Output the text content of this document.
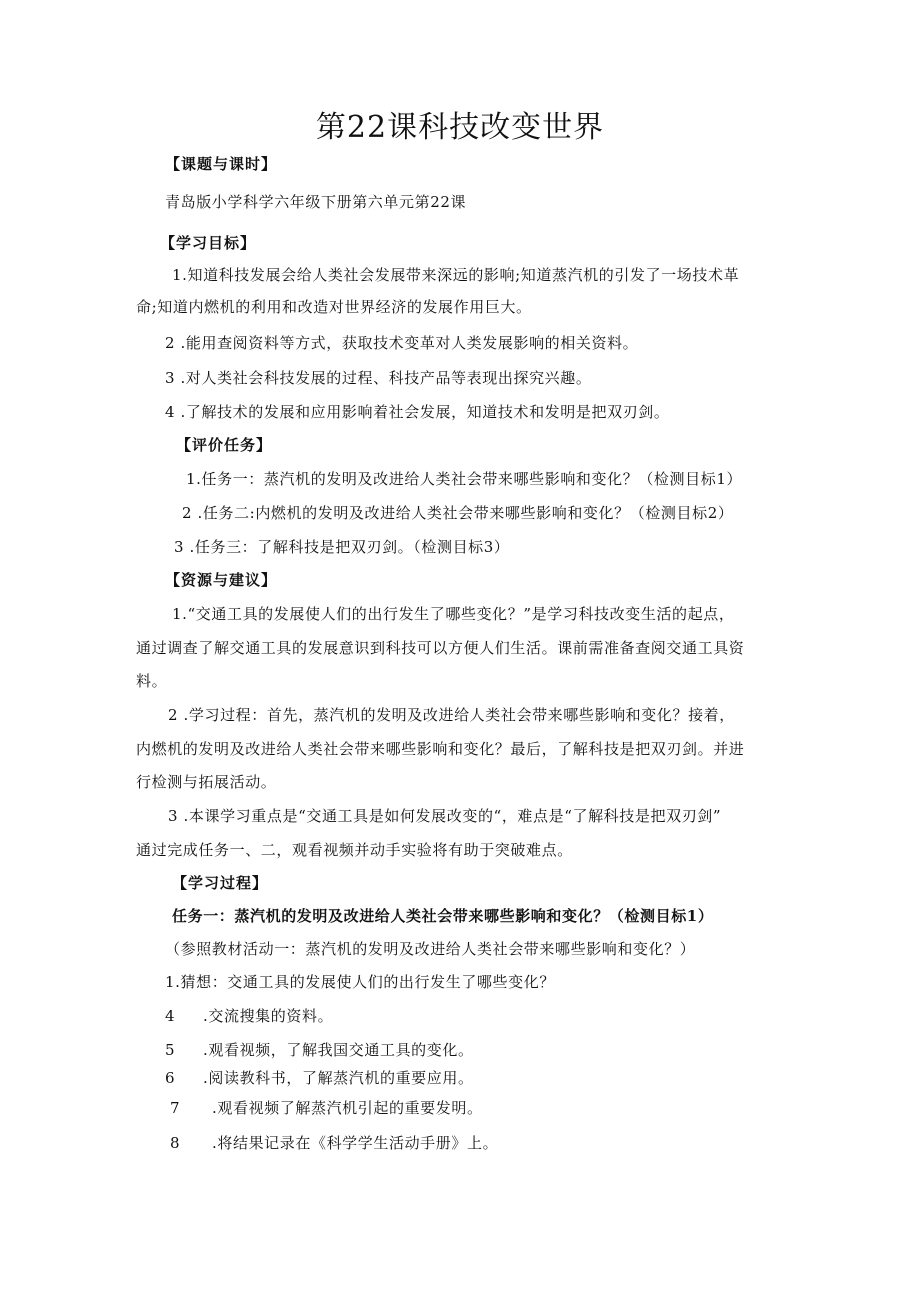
第22课科技改变世界
【课题与课时】
青岛版小学科学六年级下册第六单元第22课
【学习目标】
1.知道科技发展会给人类社会发展带来深远的影响;知道蒸汽机的引发了一场技术革
命;知道内燃机的利用和改造对世界经济的发展作用巨大。
2 .能用查阅资料等方式，获取技术变革对人类发展影响的相关资料。
3 .对人类社会科技发展的过程、科技产品等表现出探究兴趣。
4 .了解技术的发展和应用影响着社会发展，知道技术和发明是把双刃剑。
【评价任务】
1.任务一：蒸汽机的发明及改进给人类社会带来哪些影响和变化？（检测目标1）
2 .任务二:内燃机的发明及改进给人类社会带来哪些影响和变化？（检测目标2）
3 .任务三：了解科技是把双刃剑。（检测目标3）
【资源与建议】
1.“交通工具的发展使人们的出行发生了哪些变化？”是学习科技改变生活的起点，
通过调查了解交通工具的发展意识到科技可以方便人们生活。课前需准备查阅交通工具资
料。
2 .学习过程：首先，蒸汽机的发明及改进给人类社会带来哪些影响和变化？接着，
内燃机的发明及改进给人类社会带来哪些影响和变化？最后，了解科技是把双刃剑。并进
行检测与拓展活动。
3 .本课学习重点是“交通工具是如何发展改变的“，难点是“了解科技是把双刃剑”
通过完成任务一、二，观看视频并动手实验将有助于突破难点。
【学习过程】
任务一：蒸汽机的发明及改进给人类社会带来哪些影响和变化？（检测目标1）
（参照教材活动一：蒸汽机的发明及改进给人类社会带来哪些影响和变化？）
1.猜想：交通工具的发展使人们的出行发生了哪些变化？
4 .交流搜集的资料。
5 .观看视频，了解我国交通工具的变化。
6 .阅读教科书，了解蒸汽机的重要应用。
7 .观看视频了解蒸汽机引起的重要发明。
8 .将结果记录在《科学学生活动手册》上。
